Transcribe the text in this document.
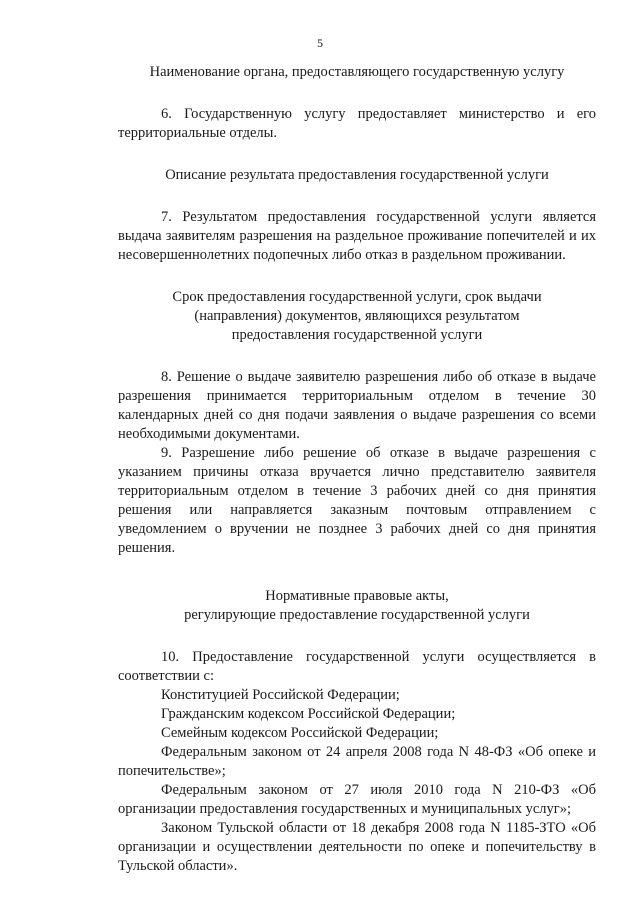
5
Наименование органа, предоставляющего государственную услугу
6. Государственную услугу предоставляет министерство и его территориальные отделы.
Описание результата предоставления государственной услуги
7. Результатом предоставления государственной услуги является выдача заявителям разрешения на раздельное проживание попечителей и их несовершеннолетних подопечных либо отказ в раздельном проживании.
Срок предоставления государственной услуги, срок выдачи
(направления) документов, являющихся результатом
предоставления государственной услуги
8. Решение о выдаче заявителю разрешения либо об отказе в выдаче разрешения принимается территориальным отделом в течение 30 календарных дней со дня подачи заявления о выдаче разрешения со всеми необходимыми документами.
9. Разрешение либо решение об отказе в выдаче разрешения с указанием причины отказа вручается лично представителю заявителя территориальным отделом в течение 3 рабочих дней со дня принятия решения или направляется заказным почтовым отправлением с уведомлением о вручении не позднее 3 рабочих дней со дня принятия решения.
Нормативные правовые акты,
регулирующие предоставление государственной услуги
10. Предоставление государственной услуги осуществляется в соответствии с:
Конституцией Российской Федерации;
Гражданским кодексом Российской Федерации;
Семейным кодексом Российской Федерации;
Федеральным законом от 24 апреля 2008 года N 48-ФЗ «Об опеке и попечительстве»;
Федеральным законом от 27 июля 2010 года N 210-ФЗ «Об организации предоставления государственных и муниципальных услуг»;
Законом Тульской области от 18 декабря 2008 года N 1185-ЗТО «Об организации и осуществлении деятельности по опеке и попечительству в Тульской области».
